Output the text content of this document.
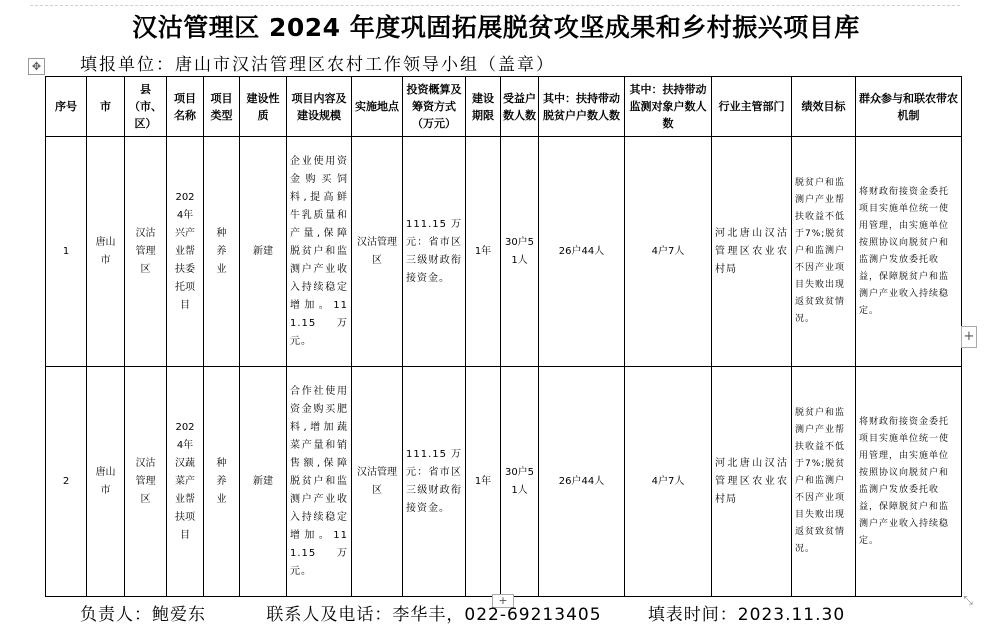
汉沽管理区 2024 年度巩固拓展脱贫攻坚成果和乡村振兴项目库
✥ 填报单位：唐山市汉沽管理区农村工作领导小组（盖章）
序号	市	县（市、区）	项目名称	项目类型	建设性质	项目内容及建设规模	实施地点	投资概算及筹资方式（万元）	建设期限	受益户数人数	其中：扶持带动脱贫户户数人数	其中：扶持带动监测对象户数人数	行业主管部门	绩效目标	群众参与和联农带农机制
1	唐山市	汉沽管理区	2024年兴产业帮扶委托项目	种养业	新建	企业使用资金购买饲料,提高鲜牛乳质量和产量,保障脱贫户和监测户产业收入持续稳定增加。111.15万元。	汉沽管理区	111.15万元：省市区三级财政衔接资金。	1年	30户51人	26户44人	4户7人	河北唐山汉沽管理区农业农村局	脱贫户和监测户产业帮扶收益不低于7%;脱贫户和监测户不因产业项目失败出现返贫致贫情况。	将财政衔接资金委托项目实施单位统一使用管理，由实施单位按照协议向脱贫户和监测户发放委托收益，保障脱贫户和监测户产业收入持续稳定。
2	唐山市	汉沽管理区	2024年汉蔬菜产业帮扶项目	种养业	新建	合作社使用资金购买肥料,增加蔬菜产量和销售额,保障脱贫户和监测户产业收入持续稳定增加。111.15万元。	汉沽管理区	111.15万元：省市区三级财政衔接资金。	1年	30户51人	26户44人	4户7人	河北唐山汉沽管理区农业农村局	脱贫户和监测户产业帮扶收益不低于7%;脱贫户和监测户不因产业项目失败出现返贫致贫情况。	将财政衔接资金委托项目实施单位统一使用管理，由实施单位按照协议向脱贫户和监测户发放委托收益，保障脱贫户和监测户产业收入持续稳定。
+
+	⤡
负责人：鲍爱东	联系人及电话：李华丰，022-69213405	填表时间：2023.11.30
